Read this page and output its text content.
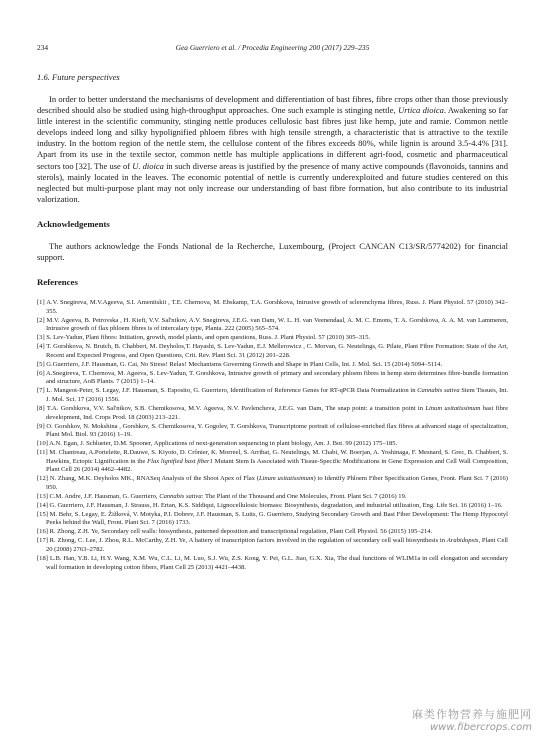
234	Gea Guerriero et al. / Procedia Engineering 200 (2017) 229–235
1.6. Future perspectives

In order to better understand the mechanisms of development and differentiation of bast fibres, fibre crops other than those previously described should also be studied using high-throughput approaches. One such example is stinging nettle, Urtica dioica. Awakening so far little interest in the scientific community, stinging nettle produces cellulosic bast fibres just like hemp, jute and ramie. Common nettle develops indeed long and silky hypolignified phloem fibres with high tensile strength, a characteristic that is attractive to the textile industry. In the bottom region of the nettle stem, the cellulose content of the fibres exceeds 80%, while lignin is around 3.5-4.4% [31]. Apart from its use in the textile sector, common nettle has multiple applications in different agri-food, cosmetic and pharmaceutical sectors too [32]. The use of U. dioica in such diverse areas is justified by the presence of many active compounds (flavonoids, tannins and sterols), mainly located in the leaves. The economic potential of nettle is currently underexploited and future studies centered on this neglected but multi-purpose plant may not only increase our understanding of bast fibre formation, but also contribute to its industrial valorization.

Acknowledgements

The authors acknowledge the Fonds National de la Recherche, Luxembourg, (Project CANCAN C13/SR/5774202) for financial support.

References
[1] A.V. Snegireva, M.V.Ageeva, S.I. Amenitskii , T.E. Chernova, M. Ebskamp, T.A. Gorshkova, Intrusive growth of sclerenchyma fibres, Russ. J. Plant Physiol. 57 (2010) 342–355.
[2] M.V. Ageeva, B. Petrovska , H. Kieft, V.V. Sal'nikov, A.V. Snegireva, J.E.G. van Dam, W. L. H. van Veenendaal, A. M. C. Emons, T. A. Gorshkova, A. A. M. van Lammeren, Intrusive growth of flax phloem fibres is of intercalary type, Planta. 222 (2005) 565–574.
[3] S. Lev-Yadun, Plant fibres: Initiation, growth, model plants, and open questions, Russ. J. Plant Physiol. 57 (2010) 305–315.
[4] T. Gorshkova, N. Brutch, B. Chabbert, M. Deyholos,T. Hayashi, S. Lev-Yadun, E.J. Mellerowicz , C. Morvan, G. Neutelings, G. Pilate, Plant Fibre Formation: State of the Art, Recent and Expected Progress, and Open Questions, Crit. Rev. Plant Sci. 31 (2012) 201–228.
[5] G.Guerriero, J.F. Hausman, G. Cai, No Stress! Relax! Mechanisms Governing Growth and Shape in Plant Cells, Int. J. Mol. Sci. 15 (2014) 5094–5114.
[6] A.Snegireva, T. Chernova, M. Ageeva, S. Lev-Yadun, T. Gorshkova, Intrusive growth of primary and secondary phloem fibres in hemp stem determines fibre-bundle formation and structure, AoB Plants. 7 (2015) 1–14.
[7] L. Mangeot-Peter, S. Legay, J.F. Hausman, S. Esposito, G. Guerriero, Identification of Reference Genes for RT-qPCR Data Normalization in Cannabis sativa Stem Tissues, Int. J. Mol. Sci. 17 (2016) 1556.
[8] T.A. Gorshkova, V.V. Sal'nikov, S.B. Chemikosova, M.V. Ageeva, N.V. Pavlencheva, J.E.G. van Dam, The snap point: a transition point in Linum usitatissimum bast fibre development, Ind. Crops Prod. 18 (2003) 213–221.
[9] O. Gorshkov, N. Mokshina , Gorshkov, S. Chemikosova, Y. Gogolev, T. Gorshkova, Transcriptome portrait of cellulose-enriched flax fibres at advanced stage of specialization, Plant Mol. Biol. 93 (2016) 1–19.
[10] A.N. Egan, J. Schlueter, D.M. Spooner, Applications of next-generation sequencing in plant biology, Am. J. Bot. 99 (2012) 175–185.
[11] M. Chantreau, A.Portelette, R.Dauwe, S. Kiyoto, D. Crônier, K. Morreel, S. Arribat, G. Neutelings, M. Chabi, W. Boerjan, A. Yoshinaga, F. Mesnard, S. Grec, B. Chabbert, S. Hawkins, Ectopic Lignification in the Flax lignified bast fiber1 Mutant Stem Is Associated with Tissue-Specific Modifications in Gene Expression and Cell Wall Composition, Plant Cell 26 (2014) 4462–4482.
[12] N. Zhang, M.K. Deyholos MK., RNASeq Analysis of the Shoot Apex of Flax (Linum usitatissimum) to Identify Phloem Fiber Specification Genes, Front. Plant Sci. 7 (2016) 950.
[13] C.M. Andre, J.F. Hausman, G. Guerriero, Cannabis sativa: The Plant of the Thousand and One Molecules, Front. Plant Sci. 7 (2016) 19.
[14] G. Guerriero, J.F. Hausman, J. Strauss, H. Ertan, K.S. Siddiqui, Lignocellulosic biomass: Biosynthesis, degradation, and industrial utilization, Eng. Life Sci. 16 (2016) 1–16.
[15] M. Behr, S. Legay, E. Žižková, V. Motyka, P.I. Dobrev, J.F. Hausman, S. Lutts, G. Guerriero, Studying Secondary Growth and Bast Fiber Development: The Hemp Hypocotyl Peeks behind the Wall, Front. Plant Sci. 7 (2016) 1733.
[16] R. Zhong, Z.H. Ye, Secondary cell walls: biosynthesis, patterned deposition and transcriptional regulation, Plant Cell Physiol. 56 (2015) 195–214.
[17] R. Zhong, C. Lee, J. Zhou, R.L. McCarthy, Z.H. Ye, A battery of transcription factors involved in the regulation of secondary cell wall biosynthesis in Arabidopsis, Plant Cell 20 (2008) 2763–2782.
[18] L.B. Han, Y.B. Li, H.Y. Wang, X.M. Wu, C.L. Li, M. Luo, S.J. Wu, Z.S. Kong, Y. Pei, G.L. Jiao, G.X. Xia, The dual functions of WLIM1a in cell elongation and secondary wall formation in developing cotton fibers, Plant Cell 25 (2013) 4421–4438.
麻类作物营养与施肥网
www.fibercrops.com
